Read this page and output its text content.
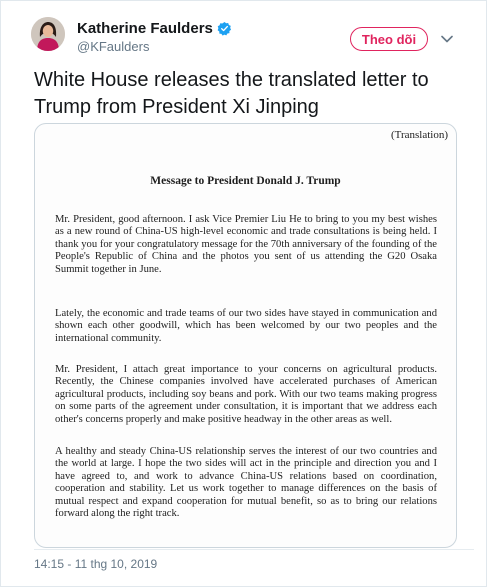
Katherine Faulders
@KFaulders	Theo dõi
White House releases the translated letter to Trump from President Xi Jinping
(Translation)
Message to President Donald J. Trump

Mr. President, good afternoon. I ask Vice Premier Liu He to bring to you my best wishes as a new round of China-US high-level economic and trade consultations is being held. I thank you for your congratulatory message for the 70th anniversary of the founding of the People's Republic of China and the photos you sent of us attending the G20 Osaka Summit together in June.

Lately, the economic and trade teams of our two sides have stayed in communication and shown each other goodwill, which has been welcomed by our two peoples and the international community.

Mr. President, I attach great importance to your concerns on agricultural products. Recently, the Chinese companies involved have accelerated purchases of American agricultural products, including soy beans and pork. With our two teams making progress on some parts of the agreement under consultation, it is important that we address each other's concerns properly and make positive headway in the other areas as well.

A healthy and steady China-US relationship serves the interest of our two countries and the world at large. I hope the two sides will act in the principle and direction you and I have agreed to, and work to advance China-US relations based on coordination, cooperation and stability. Let us work together to manage differences on the basis of mutual respect and expand cooperation for mutual benefit, so as to bring our relations forward along the right track.

14:15 - 11 thg 10, 2019
